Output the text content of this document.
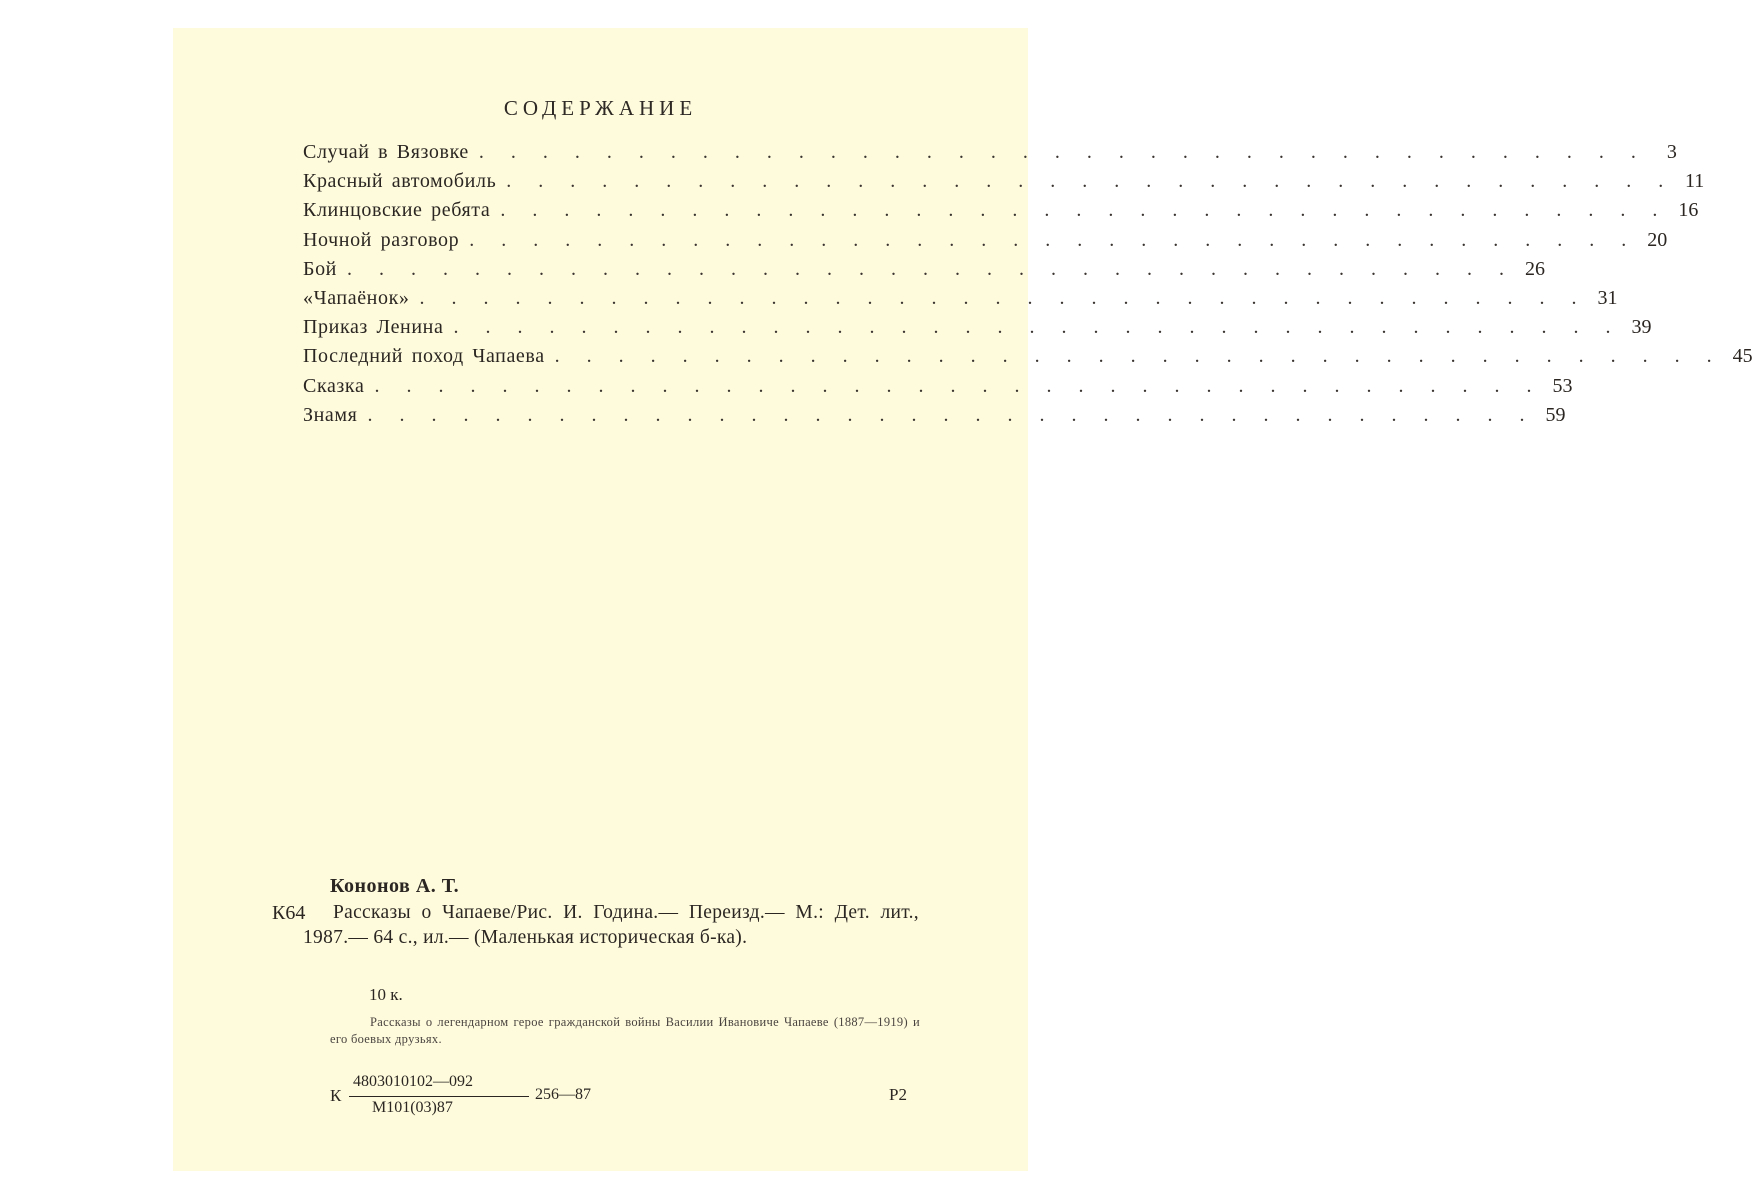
СОДЕРЖАНИЕ
Случай в Вязовке . . . . . . . . . . . . . . . . . . . . . . . . . . . . . . . . . . . . .	3
Красный автомобиль . . . . . . . . . . . . . . . . . . . . . . . . . . . . . . . . . . . . . 11
Клинцовские ребята . . . . . . . . . . . . . . . . . . . . . . . . . . . . . . . . . . . . . 16
Ночной разговор . . . . . . . . . . . . . . . . . . . . . . . . . . . . . . . . . . . . . 20
Бой . . . . . . . . . . . . . . . . . . . . . . . . . . . . . . . . . . . . . 26
«Чапаёнок» . . . . . . . . . . . . . . . . . . . . . . . . . . . . . . . . . . . . . 31
Приказ Ленина . . . . . . . . . . . . . . . . . . . . . . . . . . . . . . . . . . . . . 39
Последний поход Чапаева . . . . . . . . . . . . . . . . . . . . . . . . . . . . . . . . . . . . . 45
Сказка . . . . . . . . . . . . . . . . . . . . . . . . . . . . . . . . . . . . . 53
Знамя . . . . . . . . . . . . . . . . . . . . . . . . . . . . . . . . . . . . . 59
Кононов А. Т.
К64	Рассказы о Чапаеве/Рис. И. Година.— Переизд.— М.: Дет. лит., 1987.— 64 с., ил.— (Маленькая историческая б-ка).
10 к.
Рассказы о легендарном герое гражданской войны Василии Ивановиче Чапаеве (1887—1919) и его боевых друзьях.
К
4803010102—092
М101(03)87
256—87	Р2
